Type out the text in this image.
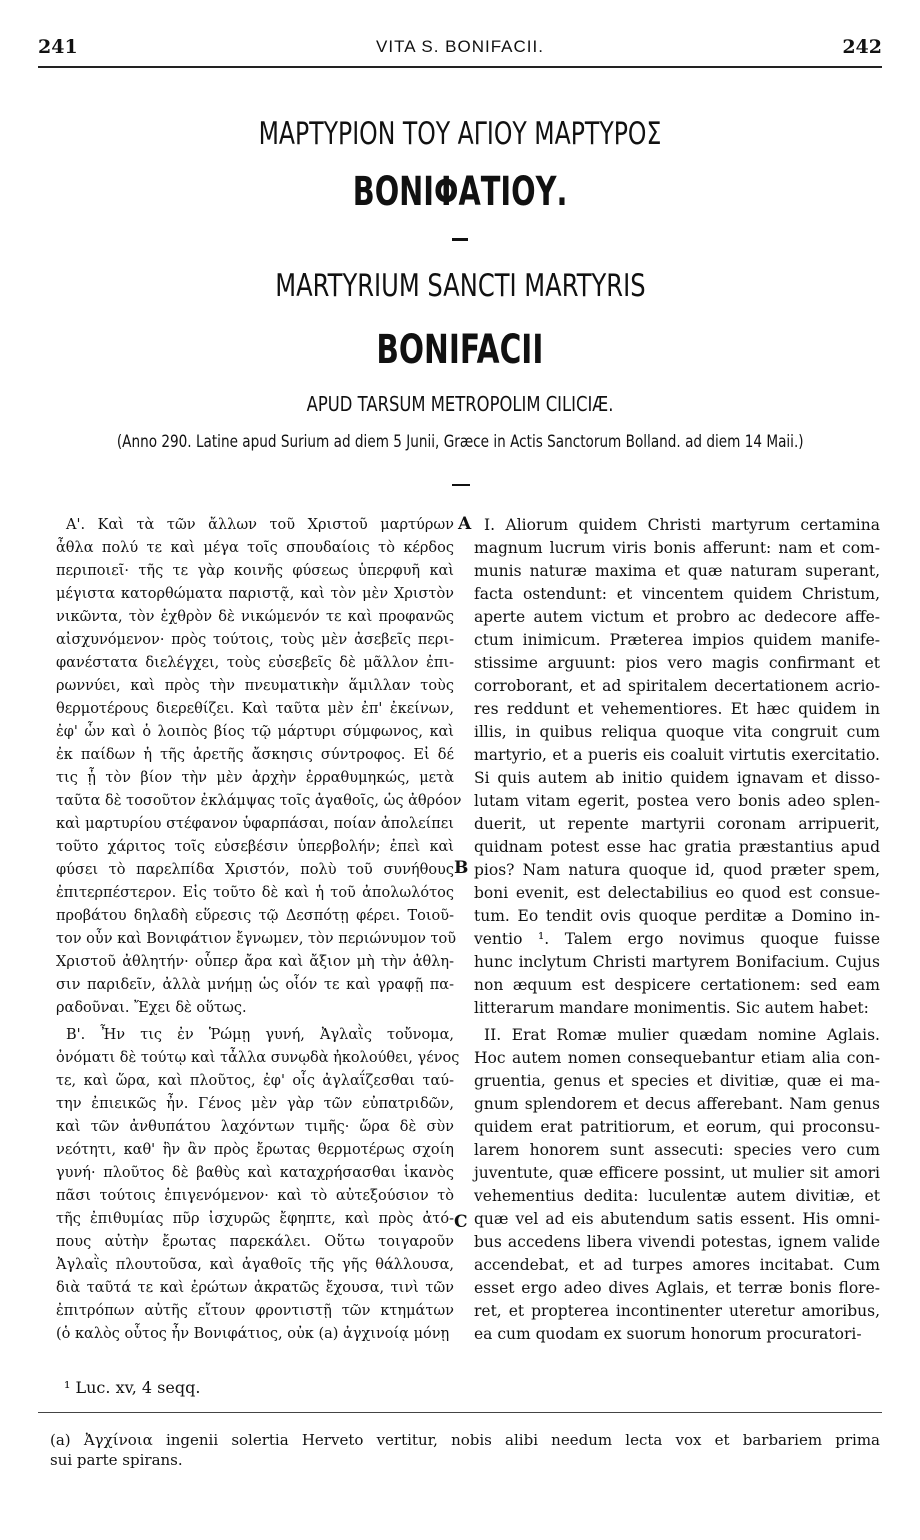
241	VITA S. BONIFACII.	242
ΜΑΡΤΥΡΙΟΝ ΤΟΥ ΑΓΙΟΥ ΜΑΡΤΥΡΟΣ
ΒΟΝΙΦΑΤΙΟΥ.
MARTYRIUM SANCTI MARTYRIS
BONIFACII
APUD TARSUM METROPOLIM CILICIÆ.
(Anno 290. Latine apud Surium ad diem 5 Junii, Græce in Actis Sanctorum Bolland. ad diem 14 Maii.)
Α'. Καὶ τὰ τῶν ἄλλων τοῦ Χριστοῦ μαρτύρων
ἆθλα πολύ τε καὶ μέγα τοῖς σπουδαίοις τὸ κέρδος
περιποιεῖ· τῆς τε γὰρ κοινῆς φύσεως ὑπερφυῆ καὶ
μέγιστα κατορθώματα παριστᾷ, καὶ τὸν μὲν Χριστὸν
νικῶντα, τὸν ἐχθρὸν δὲ νικώμενόν τε καὶ προφανῶς
αἰσχυνόμενον· πρὸς τούτοις, τοὺς μὲν ἀσεβεῖς περι-
φανέστατα διελέγχει, τοὺς εὐσεβεῖς δὲ μᾶλλον ἐπι-
ρωννύει, καὶ πρὸς τὴν πνευματικὴν ἅμιλλαν τοὺς
θερμοτέρους διερεθίζει. Καὶ ταῦτα μὲν ἐπ' ἐκείνων,
ἐφ' ὧν καὶ ὁ λοιπὸς βίος τῷ μάρτυρι σύμφωνος, καὶ
ἐκ παίδων ἡ τῆς ἀρετῆς ἄσκησις σύντροφος. Εἰ δέ
τις ᾗ τὸν βίον τὴν μὲν ἀρχὴν ἐρραθυμηκώς, μετὰ
ταῦτα δὲ τοσοῦτον ἐκλάμψας τοῖς ἀγαθοῖς, ὡς ἀθρόον
καὶ μαρτυρίου στέφανον ὑφαρπάσαι, ποίαν ἀπολείπει
τοῦτο χάριτος τοῖς εὐσεβέσιν ὑπερβολήν; ἐπεὶ καὶ
φύσει τὸ παρελπίδα Χριστόν, πολὺ τοῦ συνήθους
ἐπιτερπέστερον. Εἰς τοῦτο δὲ καὶ ἡ τοῦ ἀπολωλότος
προβάτου δηλαδὴ εὕρεσις τῷ Δεσπότῃ φέρει. Τοιοῦ-
τον οὖν καὶ Βονιφάτιον ἔγνωμεν, τὸν περιώνυμον τοῦ
Χριστοῦ ἀθλητήν· οὗπερ ἄρα καὶ ἄξιον μὴ τὴν ἀθλη-
σιν παριδεῖν, ἀλλὰ μνήμῃ ὡς οἷόν τε καὶ γραφῇ πα-
ραδοῦναι. Ἔχει δὲ οὕτως.
Β'. Ἦν τις ἐν Ῥώμῃ γυνή, Ἀγλαῒς τοὔνομα,
ὀνόματι δὲ τούτῳ καὶ τἆλλα συνῳδὰ ἠκολούθει, γένος
τε, καὶ ὥρα, καὶ πλοῦτος, ἐφ' οἷς ἀγλαΐζεσθαι ταύ-
την ἐπιεικῶς ἦν. Γένος μὲν γὰρ τῶν εὐπατριδῶν,
καὶ τῶν ἀνθυπάτου λαχόντων τιμῆς· ὥρα δὲ σὺν
νεότητι, καθ' ἣν ἂν πρὸς ἔρωτας θερμοτέρως σχοίη
γυνή· πλοῦτος δὲ βαθὺς καὶ καταχρήσασθαι ἱκανὸς
πᾶσι τούτοις ἐπιγενόμενον· καὶ τὸ αὐτεξούσιον τὸ
τῆς ἐπιθυμίας πῦρ ἰσχυρῶς ἔφηπτε, καὶ πρὸς ἀτό-
πους αὐτὴν ἔρωτας παρεκάλει. Οὕτω τοιγαροῦν
Ἀγλαῒς πλουτοῦσα, καὶ ἀγαθοῖς τῆς γῆς θάλλουσα,
διὰ ταῦτά τε καὶ ἐρώτων ἀκρατῶς ἔχουσα, τινὶ τῶν
ἐπιτρόπων αὐτῆς εἴτουν φροντιστῇ τῶν κτημάτων
(ὁ καλὸς οὗτος ἦν Βονιφάτιος, οὐκ (a) ἀγχινοίᾳ μόνῃ
I. Aliorum quidem Christi martyrum certamina
magnum lucrum viris bonis afferunt: nam et com-
munis naturæ maxima et quæ naturam superant,
facta ostendunt: et vincentem quidem Christum,
aperte autem victum et probro ac dedecore affe-
ctum inimicum. Præterea impios quidem manife-
stissime arguunt: pios vero magis confirmant et
corroborant, et ad spiritalem decertationem acrio-
res reddunt et vehementiores. Et hæc quidem in
illis, in quibus reliqua quoque vita congruit cum
martyrio, et a pueris eis coaluit virtutis exercitatio.
Si quis autem ab initio quidem ignavam et disso-
lutam vitam egerit, postea vero bonis adeo splen-
duerit, ut repente martyrii coronam arripuerit,
quidnam potest esse hac gratia præstantius apud
pios? Nam natura quoque id, quod præter spem,
boni evenit, est delectabilius eo quod est consue-
tum. Eo tendit ovis quoque perditæ a Domino in-
ventio ¹. Talem ergo novimus quoque fuisse
hunc inclytum Christi martyrem Bonifacium. Cujus
non æquum est despicere certationem: sed eam
litterarum mandare monimentis. Sic autem habet:
II. Erat Romæ mulier quædam nomine Aglais.
Hoc autem nomen consequebantur etiam alia con-
gruentia, genus et species et divitiæ, quæ ei ma-
gnum splendorem et decus afferebant. Nam genus
quidem erat patritiorum, et eorum, qui proconsu-
larem honorem sunt assecuti: species vero cum
juventute, quæ efficere possint, ut mulier sit amori
vehementius dedita: luculentæ autem divitiæ, et
quæ vel ad eis abutendum satis essent. His omni-
bus accedens libera vivendi potestas, ignem valide
accendebat, et ad turpes amores incitabat. Cum
esset ergo adeo dives Aglais, et terræ bonis flore-
ret, et propterea incontinenter uteretur amoribus,
ea cum quodam ex suorum honorum procuratori-
A
B
C
¹ Luc. xv, 4 seqq.
(a) Ἀγχίνοια ingenii solertia Herveto vertitur, nobis alibi needum lecta vox et barbariem prima
sui parte spirans.
